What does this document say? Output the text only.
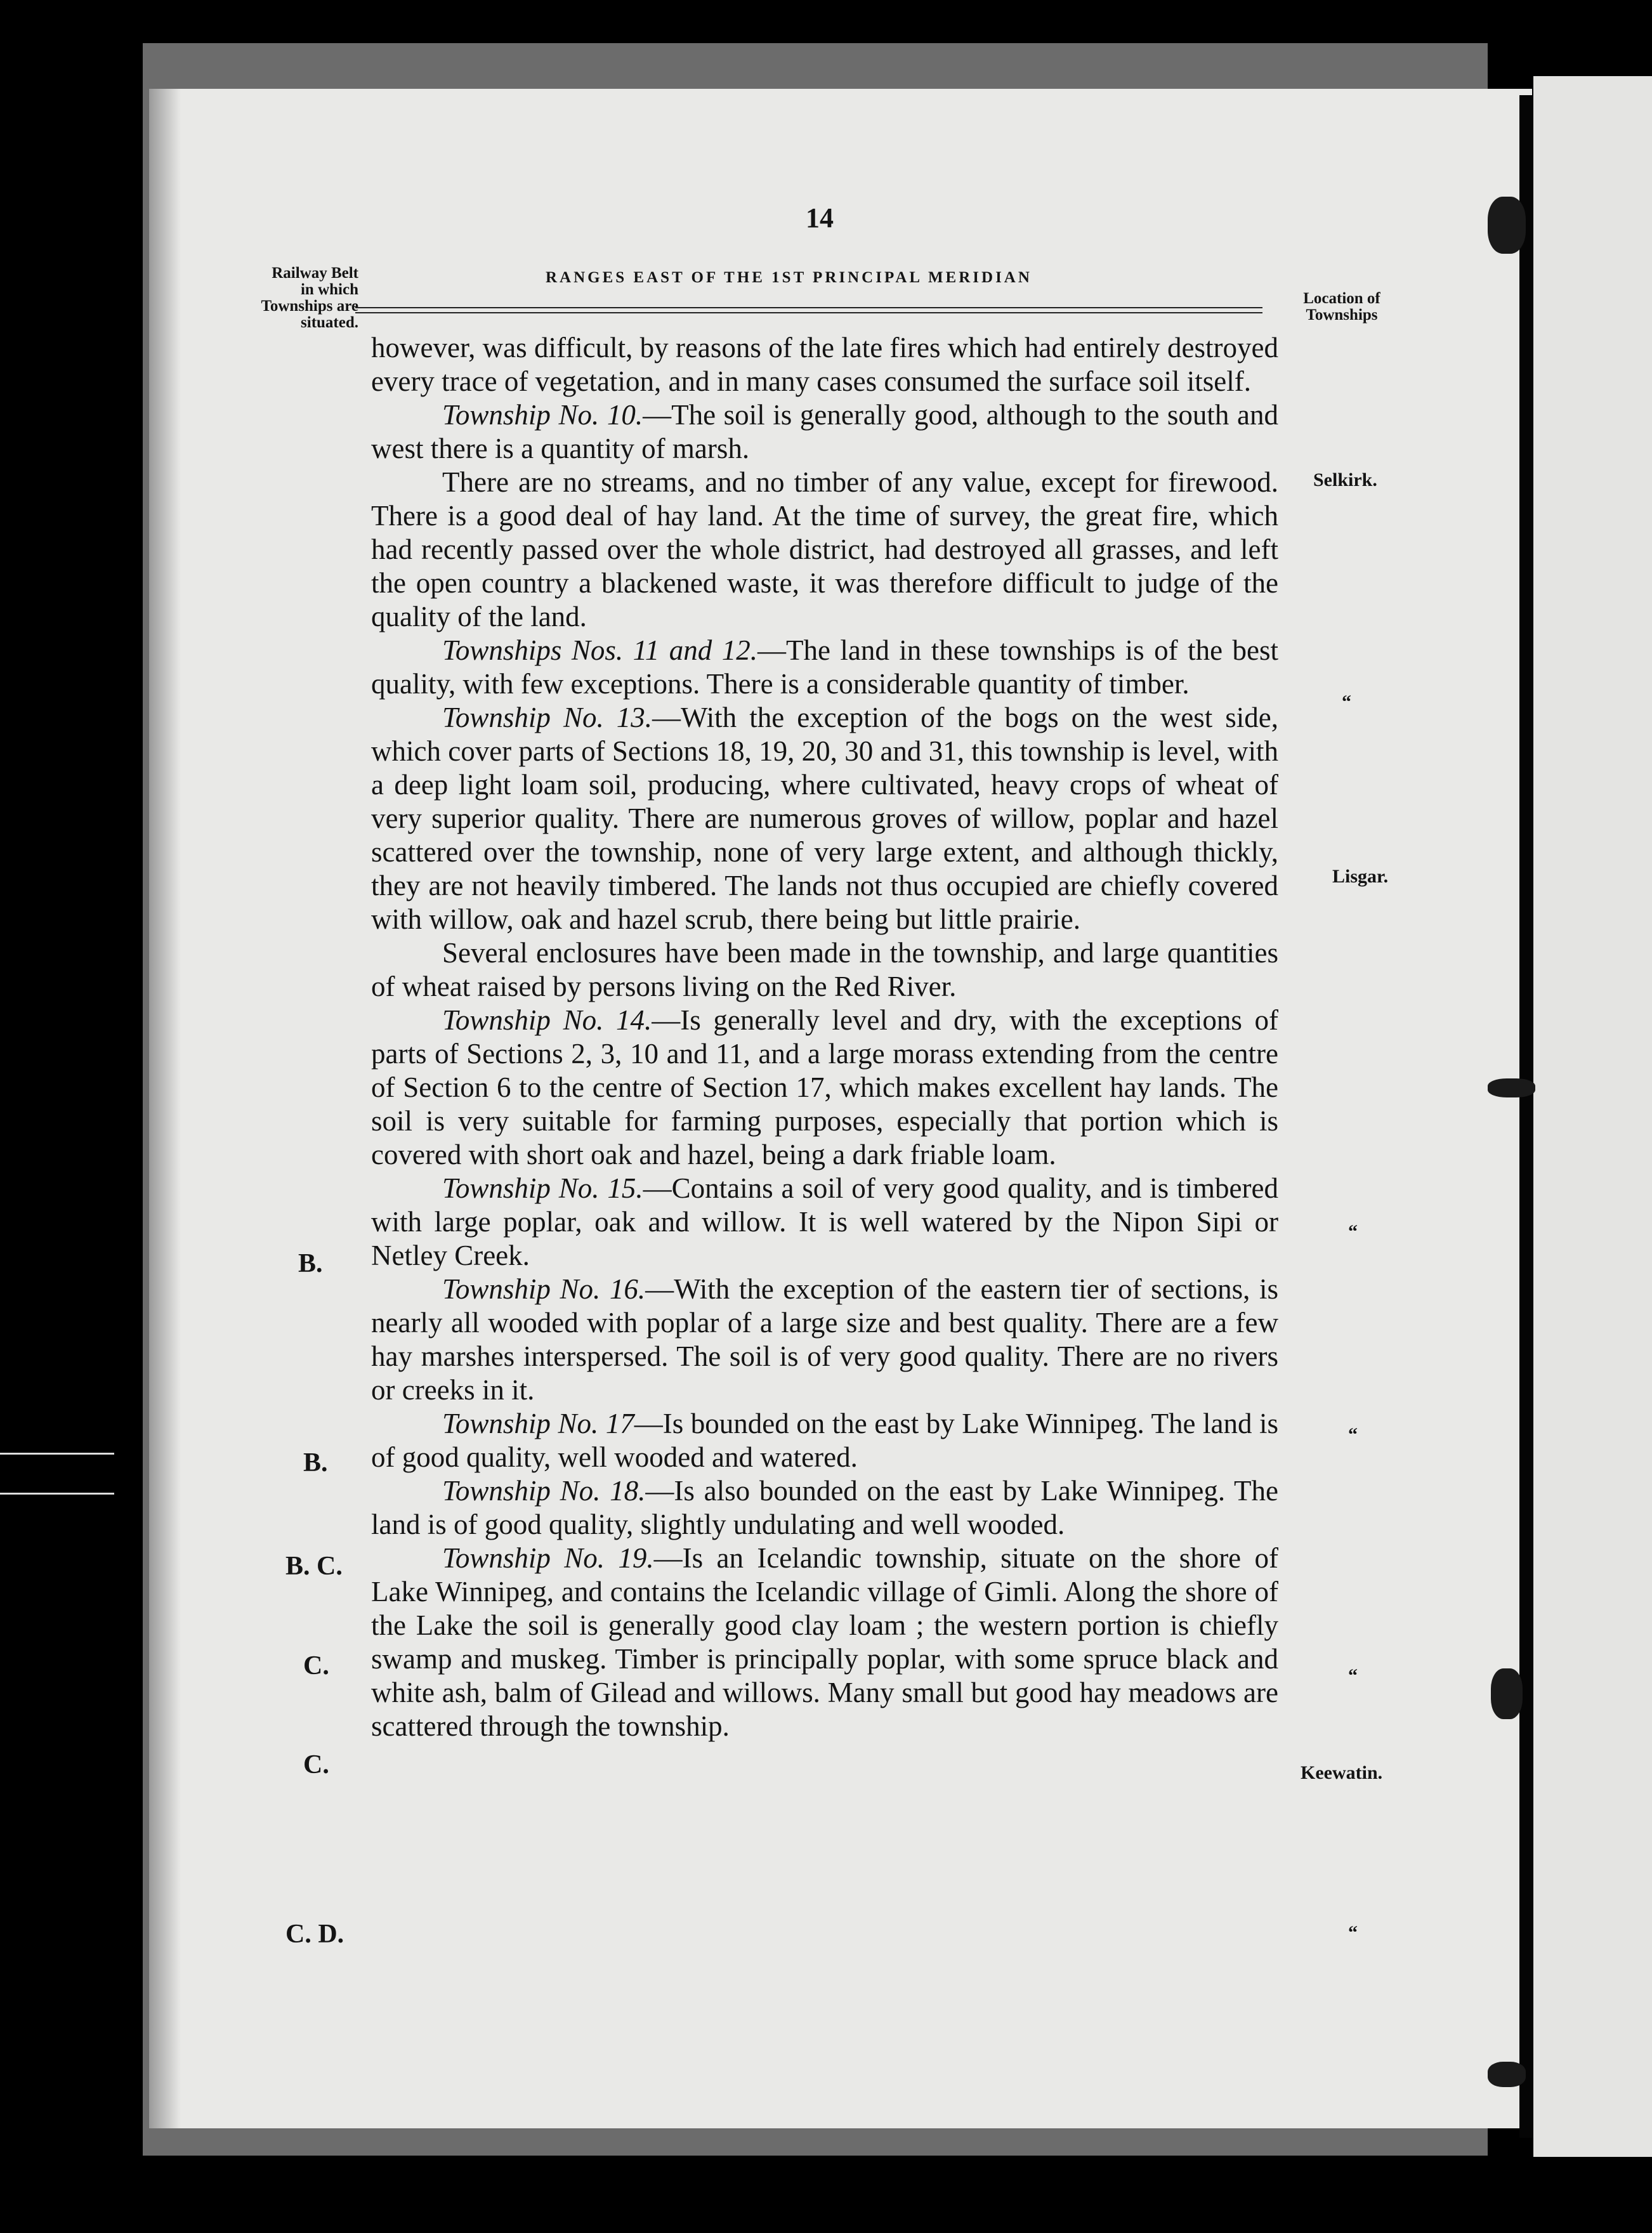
14
RANGES EAST OF THE 1ST PRINCIPAL MERIDIAN
Railway Belt
in which
Townships are
situated.
Location of
Townships

however, was difficult, by reasons of the late fires which had entirely destroyed every trace of vegetation, and in many cases consumed the surface soil itself.

Township No. 10.—The soil is generally good, although to the south and west there is a quantity of marsh.

There are no streams, and no timber of any value, except for firewood. There is a good deal of hay land. At the time of survey, the great fire, which had recently passed over the whole district, had destroyed all grasses, and left the open country a blackened waste, it was therefore difficult to judge of the quality of the land.

Townships Nos. 11 and 12.—The land in these townships is of the best quality, with few exceptions. There is a considerable quantity of timber.

Township No. 13.—With the exception of the bogs on the west side, which cover parts of Sections 18, 19, 20, 30 and 31, this township is level, with a deep light loam soil, producing, where cultivated, heavy crops of wheat of very superior quality. There are numerous groves of willow, poplar and hazel scattered over the township, none of very large extent, and although thickly, they are not heavily timbered. The lands not thus occupied are chiefly covered with willow, oak and hazel scrub, there being but little prairie.

Several enclosures have been made in the township, and large quantities of wheat raised by persons living on the Red River.

Township No. 14.—Is generally level and dry, with the exceptions of parts of Sections 2, 3, 10 and 11, and a large morass extending from the centre of Section 6 to the centre of Section 17, which makes excellent hay lands. The soil is very suitable for farming purposes, especially that portion which is covered with short oak and hazel, being a dark friable loam.

Township No. 15.—Contains a soil of very good quality, and is timbered with large poplar, oak and willow. It is well watered by the Nipon Sipi or Netley Creek.

Township No. 16.—With the exception of the eastern tier of sections, is nearly all wooded with poplar of a large size and best quality. There are a few hay marshes interspersed. The soil is of very good quality. There are no rivers or creeks in it.

Township No. 17—Is bounded on the east by Lake Winnipeg. The land is of good quality, well wooded and watered.

Township No. 18.—Is also bounded on the east by Lake Winnipeg. The land is of good quality, slightly undulating and well wooded.

Township No. 19.—Is an Icelandic township, situate on the shore of Lake Winnipeg, and contains the Icelandic village of Gimli. Along the shore of the Lake the soil is generally good clay loam ; the western portion is chiefly swamp and muskeg. Timber is principally poplar, with some spruce black and white ash, balm of Gilead and willows. Many small but good hay meadows are scattered through the township.

B.
B.
B. C.
C.
C.
C. D.
Selkirk.
“
Lisgar.
“
“
“
Keewatin.
“
